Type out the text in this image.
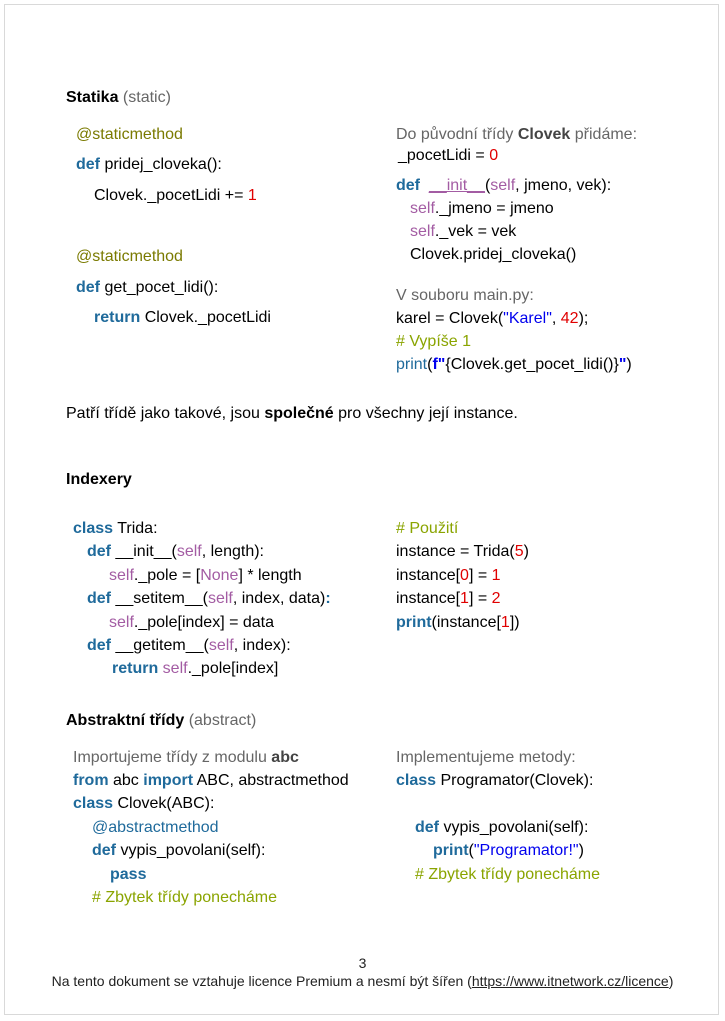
Statika (static)
@staticmethod
def pridej_cloveka():
Clovek._pocetLidi += 1
@staticmethod
def get_pocet_lidi():
return Clovek._pocetLidi
Do původní třídy Clovek přidáme:
_pocetLidi = 0
def __init__(self, jmeno, vek):
self._jmeno = jmeno
self._vek = vek
Clovek.pridej_cloveka()
V souboru main.py:
karel = Clovek("Karel", 42);
# Vypíše 1
print(f"{Clovek.get_pocet_lidi()}")
Patří třídě jako takové, jsou společné pro všechny její instance.
Indexery
class Trida:
def __init__(self, length):
self._pole = [None] * length
def __setitem__(self, index, data):
self._pole[index] = data
def __getitem__(self, index):
return self._pole[index]
# Použití
instance = Trida(5)
instance[0] = 1
instance[1] = 2
print(instance[1])
Abstraktní třídy (abstract)
Importujeme třídy z modulu abc
from abc import ABC, abstractmethod
class Clovek(ABC):
@abstractmethod
def vypis_povolani(self):
pass
# Zbytek třídy ponecháme
Implementujeme metody:
class Programator(Clovek):
def vypis_povolani(self):
print("Programator!")
# Zbytek třídy ponecháme
3
Na tento dokument se vztahuje licence Premium a nesmí být šířen (https://www.itnetwork.cz/licence)
